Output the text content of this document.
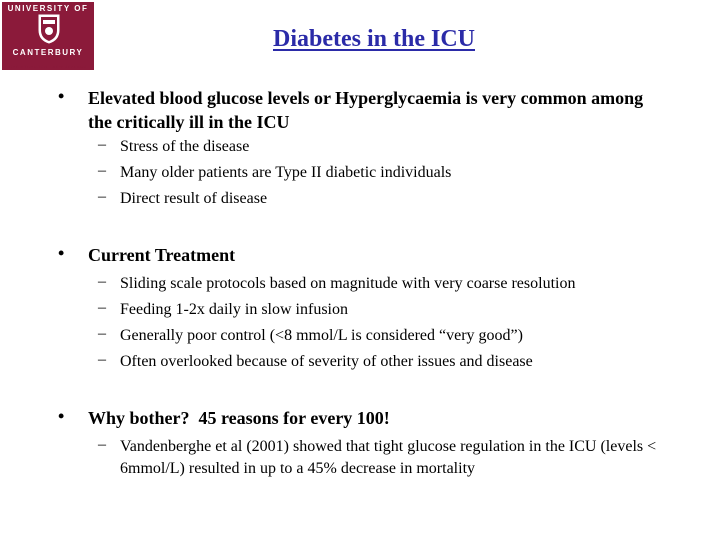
UNIVERSITY OF
CANTERBURY
CHRISTCHURCH · NEW ZEALAND
Diabetes in the ICU
• Elevated blood glucose levels or Hyperglycaemia is very common among the critically ill in the ICU
– Stress of the disease
– Many older patients are Type II diabetic individuals
– Direct result of disease
• Current Treatment
– Sliding scale protocols based on magnitude with very coarse resolution
– Feeding 1-2x daily in slow infusion
– Generally poor control (<8 mmol/L is considered “very good”)
– Often overlooked because of severity of other issues and disease
• Why bother?  45 reasons for every 100!
– Vandenberghe et al (2001) showed that tight glucose regulation in the ICU (levels < 6mmol/L) resulted in up to a 45% decrease in mortality
